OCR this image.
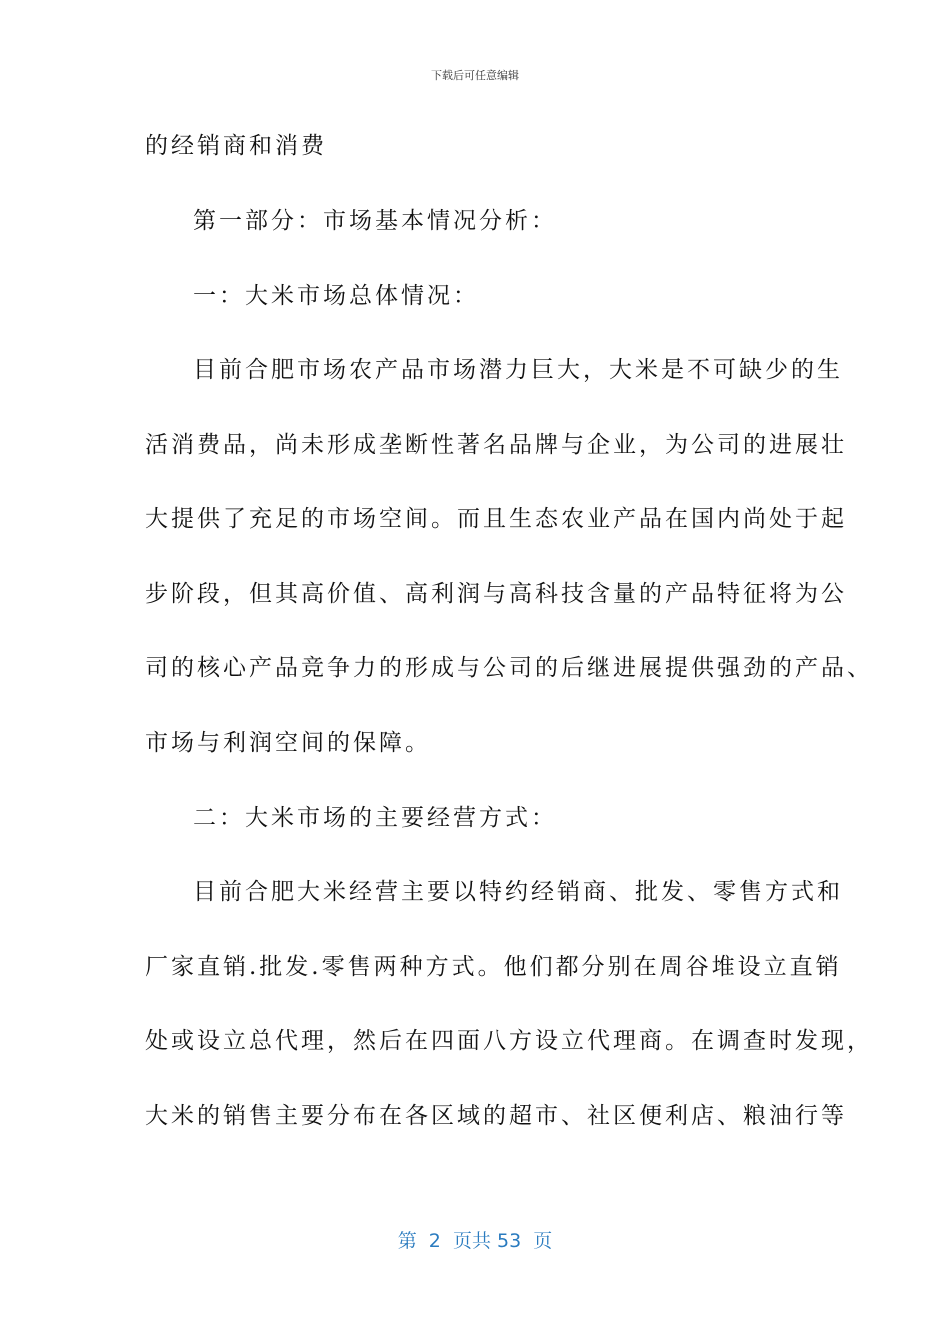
下载后可任意编辑
的经销商和消费
第一部分：市场基本情况分析：
一：大米市场总体情况：
目前合肥市场农产品市场潜力巨大，大米是不可缺少的生
活消费品，尚未形成垄断性著名品牌与企业，为公司的进展壮
大提供了充足的市场空间。而且生态农业产品在国内尚处于起
步阶段，但其高价值、高利润与高科技含量的产品特征将为公
司的核心产品竞争力的形成与公司的后继进展提供强劲的产品、
市场与利润空间的保障。
二：大米市场的主要经营方式：
目前合肥大米经营主要以特约经销商、批发、零售方式和
厂家直销.批发.零售两种方式。他们都分别在周谷堆设立直销
处或设立总代理，然后在四面八方设立代理商。在调查时发现，
大米的销售主要分布在各区域的超市、社区便利店、粮油行等
第  2  页共 53  页
